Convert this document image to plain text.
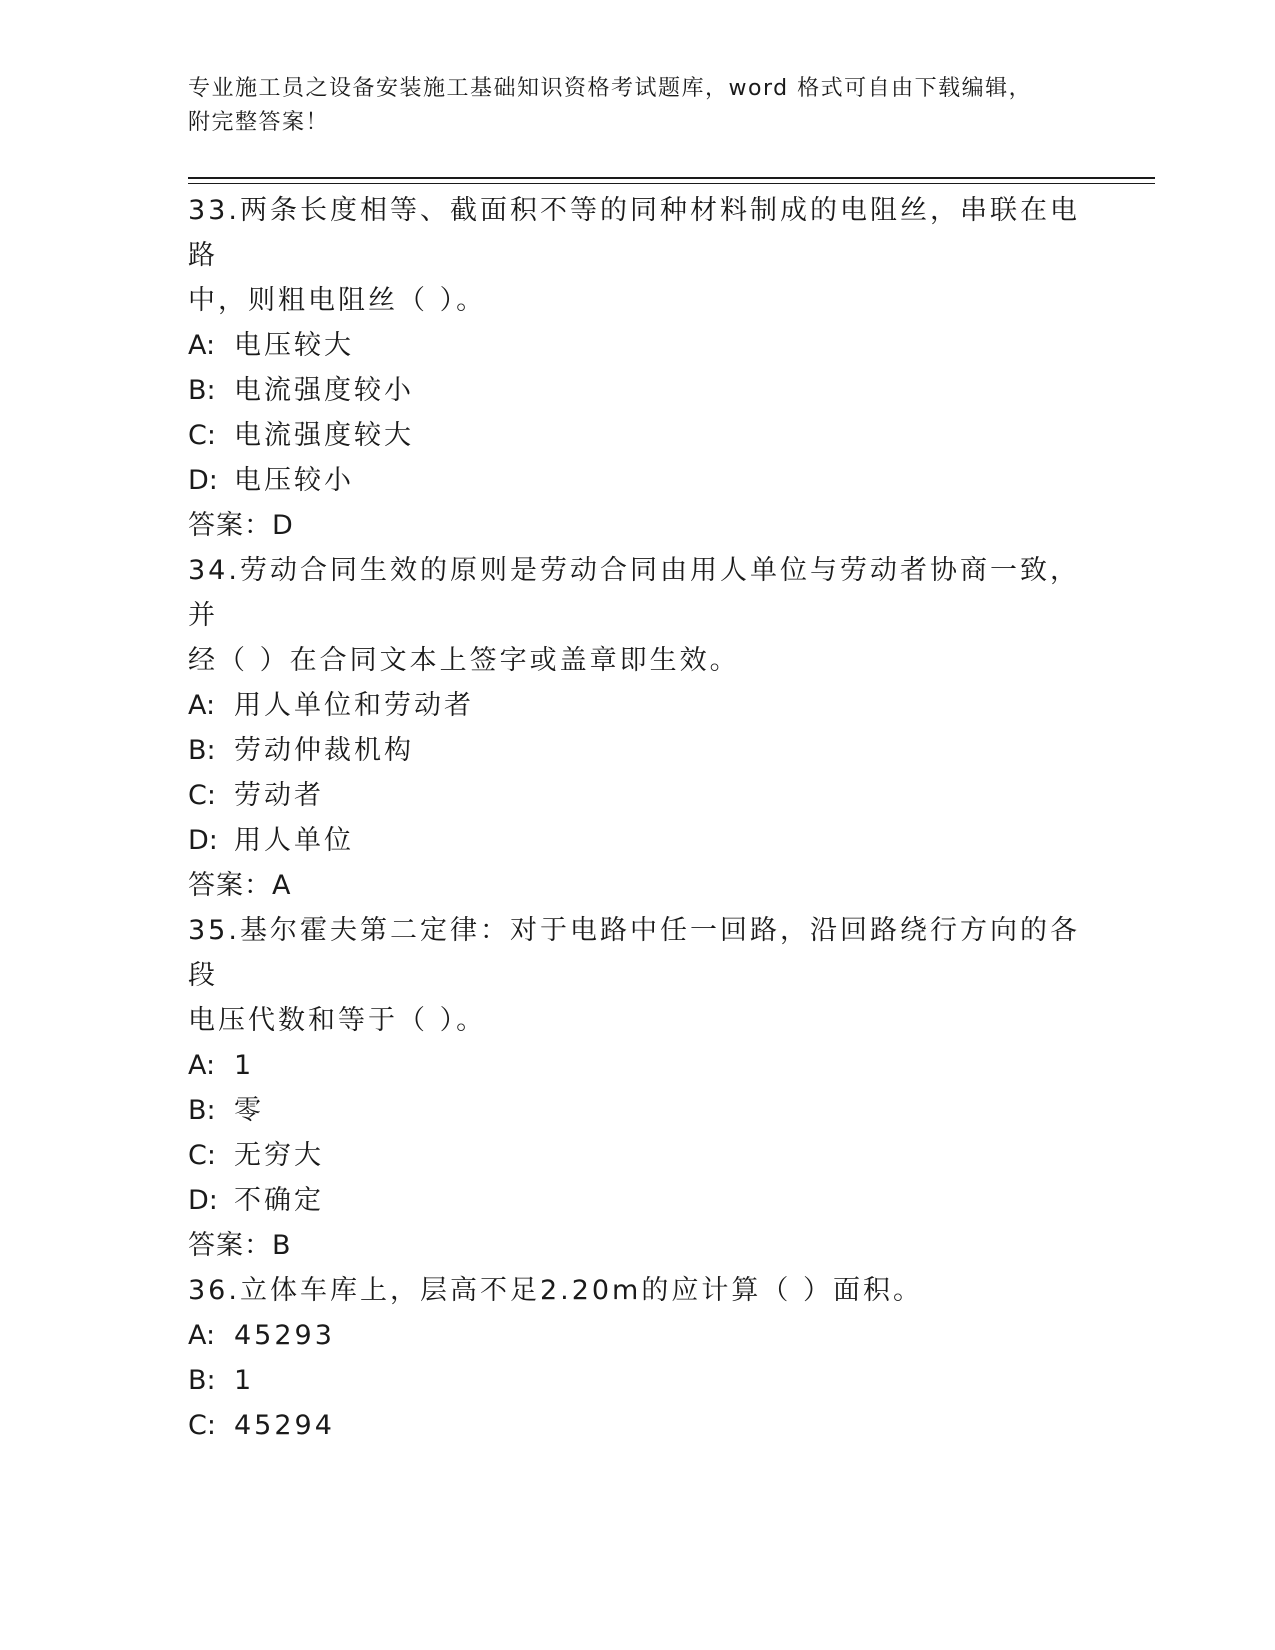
专业施工员之设备安装施工基础知识资格考试题库，word 格式可自由下载编辑，
附完整答案！

33.两条长度相等、截面积不等的同种材料制成的电阻丝，串联在电路

中，则粗电阻丝（ ）。

A: 电压较大

B: 电流强度较小

C: 电流强度较大

D: 电压较小

答案：D

34.劳动合同生效的原则是劳动合同由用人单位与劳动者协商一致，并

经（ ）在合同文本上签字或盖章即生效。

A: 用人单位和劳动者

B: 劳动仲裁机构

C: 劳动者

D: 用人单位

答案：A

35.基尔霍夫第二定律：对于电路中任一回路，沿回路绕行方向的各段

电压代数和等于（ ）。

A: 1

B: 零

C: 无穷大

D: 不确定

答案：B

36.立体车库上，层高不足2.20m的应计算（ ）面积。

A: 45293

B: 1

C: 45294
